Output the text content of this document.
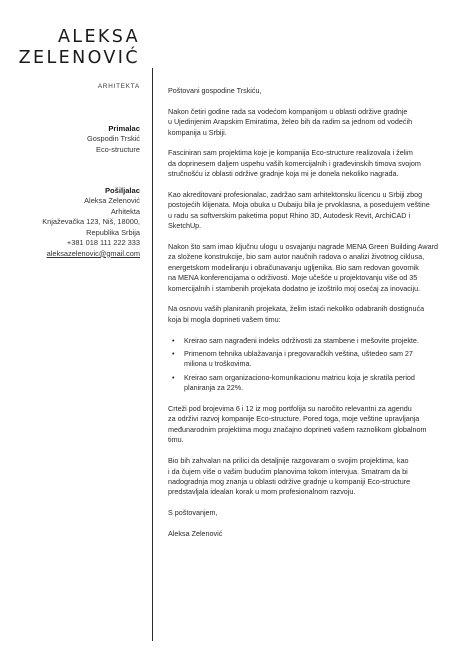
ALEKSA
ZELENOVIĆ
ARHITEKTA
Primalac
Gospodin Trskić
Eco-structure
Pošiljalac
Aleksa Zelenović
Arhitekta
Knjaževačka 123, Niš, 18000,
Republika Srbija
+381 018 111 222 333
aleksazelenovic@gmail.com

Poštovani gospodine Trskiću,

Nakon četiri godine rada sa vodećom kompanijom u oblasti održive gradnje
u Ujedinjenim Arapskim Emiratima, želeo bih da radim sa jednom od vodećih
kompanija u Srbiji.

Fasciniran sam projektima koje je kompanija Eco-structure realizovala i želim
da doprinesem daljem uspehu vaših komercijalnih i građevinskih timova svojom
stručnošću iz oblasti održive gradnje koja mi je donela nekoliko nagrada.

Kao akreditovani profesionalac, zadržao sam arhitektonsku licencu u Srbiji zbog
postojećih klijenata. Moja obuka u Dubaiju bila je prvoklasna, a posedujem veštine
u radu sa softverskim paketima poput Rhino 3D, Autodesk Revit, ArchiCAD i
SketchUp.

Nakon što sam imao ključnu ulogu u osvajanju nagrade MENA Green Building Award
za složene konstrukcije, bio sam autor naučnih radova o analizi životnog ciklusa,
energetskom modeliranju i obračunavanju ugljenika. Bio sam redovan govornik
na MENA konferencijama o održivosti. Moje učešće u projektovanju više od 35
komercijalnih i stambenih projekata dodatno je izoštrilo moj osećaj za inovaciju.

Na osnovu vaših planiranih projekata, želim istaći nekoliko odabranih dostignuća
koja bi mogla doprineti vašem timu:

• Kreirao sam nagrađeni indeks održivosti za stambene i mešovite projekte.
• Primenom tehnika ublažavanja i pregovaračkih veština, uštedeo sam 27
miliona u troškovima.
• Kreirao sam organizaciono-komunikacionu matricu koja je skratila period
planiranja za 22%.

Crteži pod brojevima 6 i 12 iz mog portfolija su naročito relevantni za agendu
za održivi razvoj kompanije Eco-structure. Pored toga, moje veštine upravljanja
međunarodnim projektima mogu značajno doprineti vašem raznolikom globalnom
timu.

Bio bih zahvalan na prilici da detaljnije razgovaram o svojim projektima, kao
i da čujem više o vašim budućim planovima tokom intervjua. Smatram da bi
nadogradnja mog znanja u oblasti održive gradnje u kompaniji Eco-structure
predstavljala idealan korak u mom profesionalnom razvoju.

S poštovanjem,

Aleksa Zelenović
